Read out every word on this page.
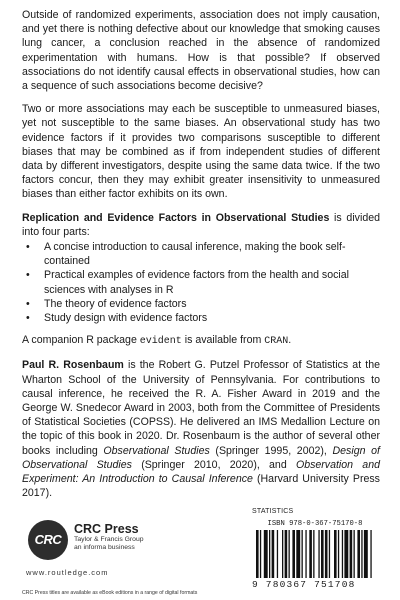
Outside of randomized experiments, association does not imply causation, and yet there is nothing defective about our knowledge that smoking causes lung cancer, a conclusion reached in the absence of randomized experimentation with humans. How is that possible? If observed associations do not identify causal effects in observational studies, how can a sequence of such associations become decisive?

Two or more associations may each be susceptible to unmeasured biases, yet not susceptible to the same biases. An observational study has two evidence factors if it provides two comparisons susceptible to different biases that may be combined as if from independent studies of different data by different investigators, despite using the same data twice. If the two factors concur, then they may exhibit greater insensitivity to unmeasured biases than either factor exhibits on its own.

Replication and Evidence Factors in Observational Studies is divided into four parts:

• A concise introduction to causal inference, making the book self-contained
• Practical examples of evidence factors from the health and social sciences with analyses in R
• The theory of evidence factors
• Study design with evidence factors

A companion R package evident is available from CRAN.

Paul R. Rosenbaum is the Robert G. Putzel Professor of Statistics at the Wharton School of the University of Pennsylvania. For contributions to causal inference, he received the R. A. Fisher Award in 2019 and the George W. Snedecor Award in 2003, both from the Committee of Presidents of Statistical Societies (COPSS). He delivered an IMS Medallion Lecture on the topic of this book in 2020. Dr. Rosenbaum is the author of several other books including Observational Studies (Springer 1995, 2002), Design of Observational Studies (Springer 2010, 2020), and Observation and Experiment: An Introduction to Causal Inference (Harvard University Press 2017).

CRC
CRC Press
Taylor & Francis Group
an informa business
www.routledge.com
CRC Press titles are available as eBook editions in a range of digital formats
STATISTICS
ISBN 978-0-367-75170-8
9 780367 751708
